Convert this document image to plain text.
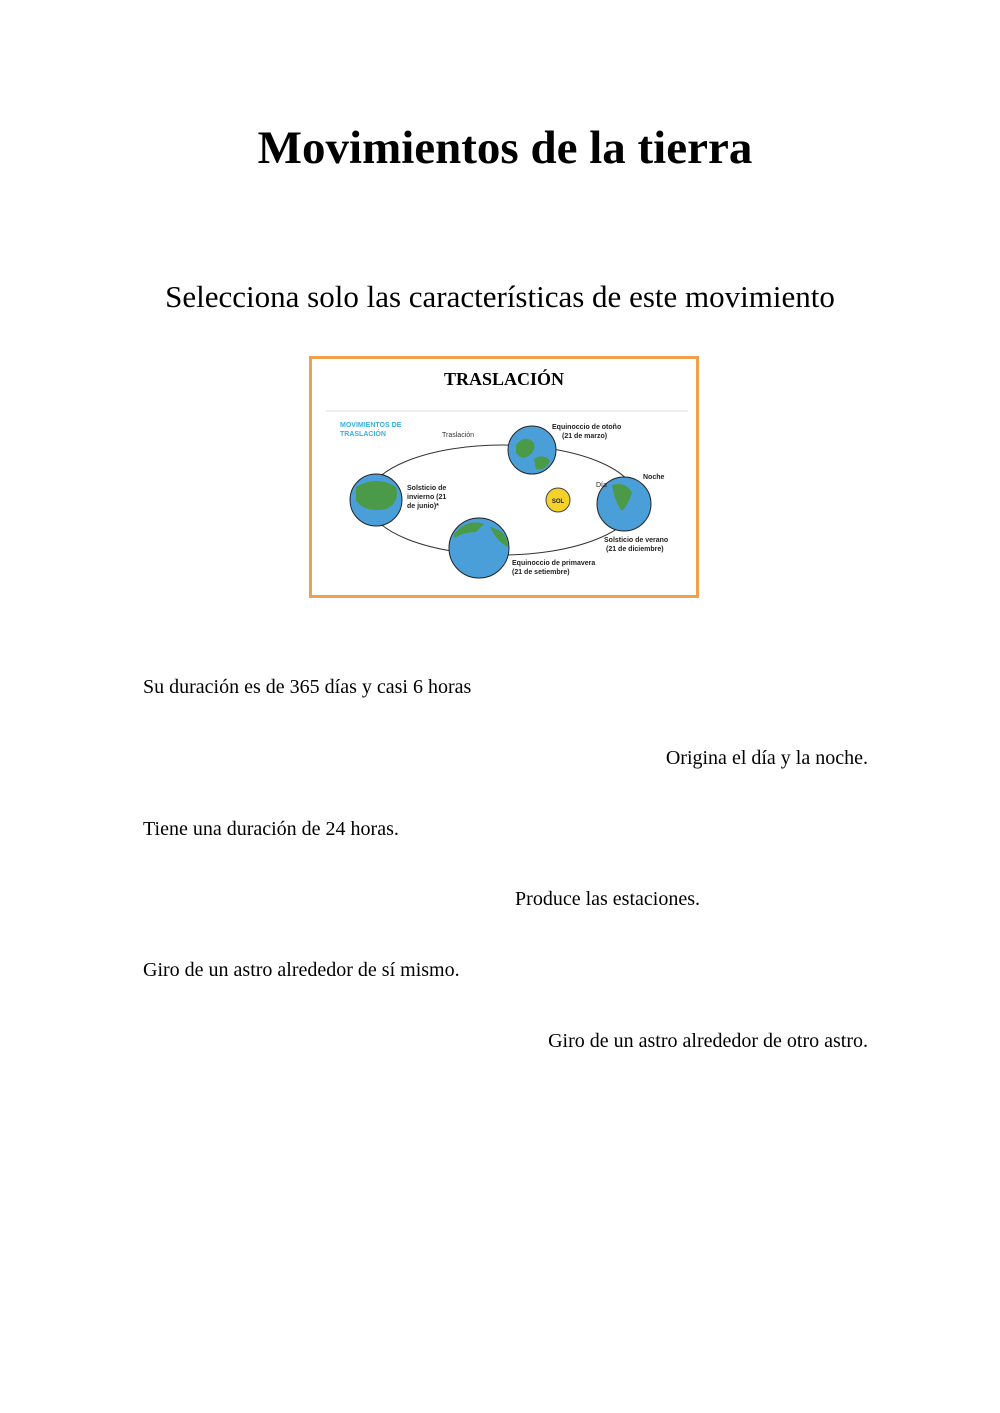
Movimientos de la tierra
Selecciona solo las características de este movimiento
TRASLACIÓN
MOVIMIENTOS DE
TRASLACIÓN	Traslación
Equinoccio de otoño
(21 de marzo)
Solsticio de
invierno (21
de junio)*
Equinoccio de primavera
(21 de setiembre)
Día
Noche
Solsticio de verano
(21 de diciembre)
SOL
Su duración es de 365 días y casi 6 horas
Origina el día y la noche.
Tiene una duración de 24 horas.
Produce las estaciones.
Giro de un astro alrededor de sí mismo.
Giro de un astro alrededor de otro astro.
